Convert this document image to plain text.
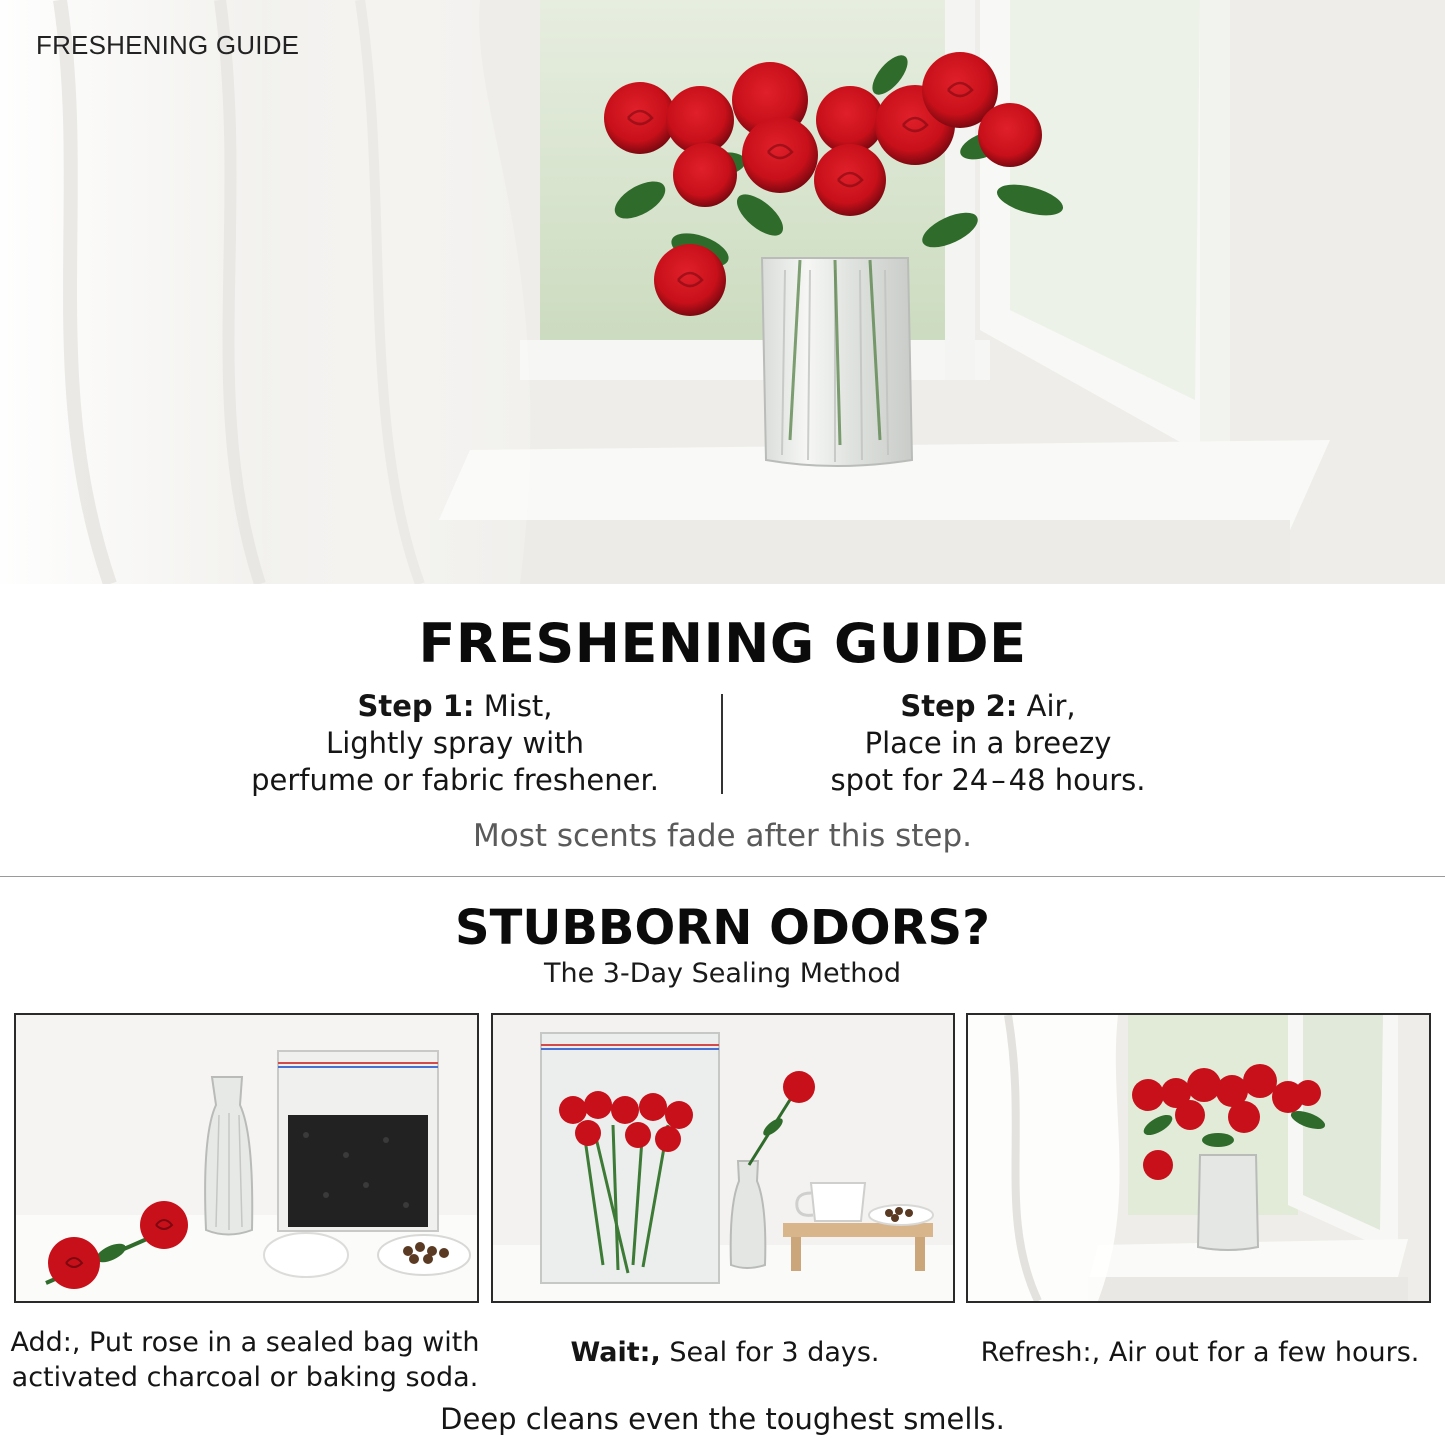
FRESHENING GUIDE
FRESHENING GUIDE
Step 1: Mist,
Lightly spray with
perfume or fabric freshener.
Step 2: Air,
Place in a breezy
spot for 24 – 48 hours.
Most scents fade after this step.
STUBBORN ODORS?
The 3-Day Sealing Method
Add:, Put rose in a sealed bag with
activated charcoal or baking soda.
Wait:, Seal for 3 days.	Refresh:, Air out for a few hours.
Deep cleans even the toughest smells.
